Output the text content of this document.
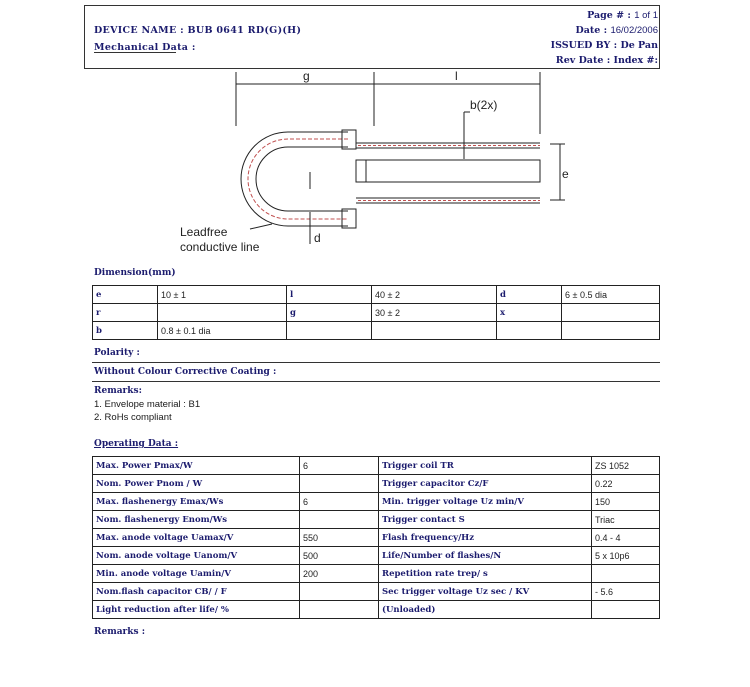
DEVICE NAME : BUB 0641 RD(G)(H)
Mechanical Data :
Page # : 1 of 1
Date : 16/02/2006
ISSUED BY : De Pan
Rev Date : Index #:
g	l
b(2x)
e
d
Leadfree
conductive line
Dimension(mm)
e	10 ± 1	l	40 ± 2	d	6 ± 0.5 dia
r		g	30 ± 2	x	
b	0.8 ± 0.1 dia				
Polarity :
Without Colour Corrective Coating :
Remarks:
1. Envelope material : B1
2. RoHs compliant
Operating Data :
Max. Power Pmax/W	6	Trigger coil TR	ZS 1052
Nom. Power Pnom / W		Trigger capacitor Cz/F	0.22
Max. flashenergy Emax/Ws	6	Min. trigger voltage Uz min/V	150
Nom. flashenergy Enom/Ws		Trigger contact S	Triac
Max. anode voltage Uamax/V	550	Flash frequency/Hz	0.4 - 4
Nom. anode voltage Uanom/V	500	Life/Number of flashes/N	5 x 10p6
Min. anode voltage Uamin/V	200	Repetition rate trep/ s	
Nom.flash capacitor CB/ / F		Sec trigger voltage Uz sec / KV	- 5.6
Light reduction after life/ %		(Unloaded)	
Remarks :
